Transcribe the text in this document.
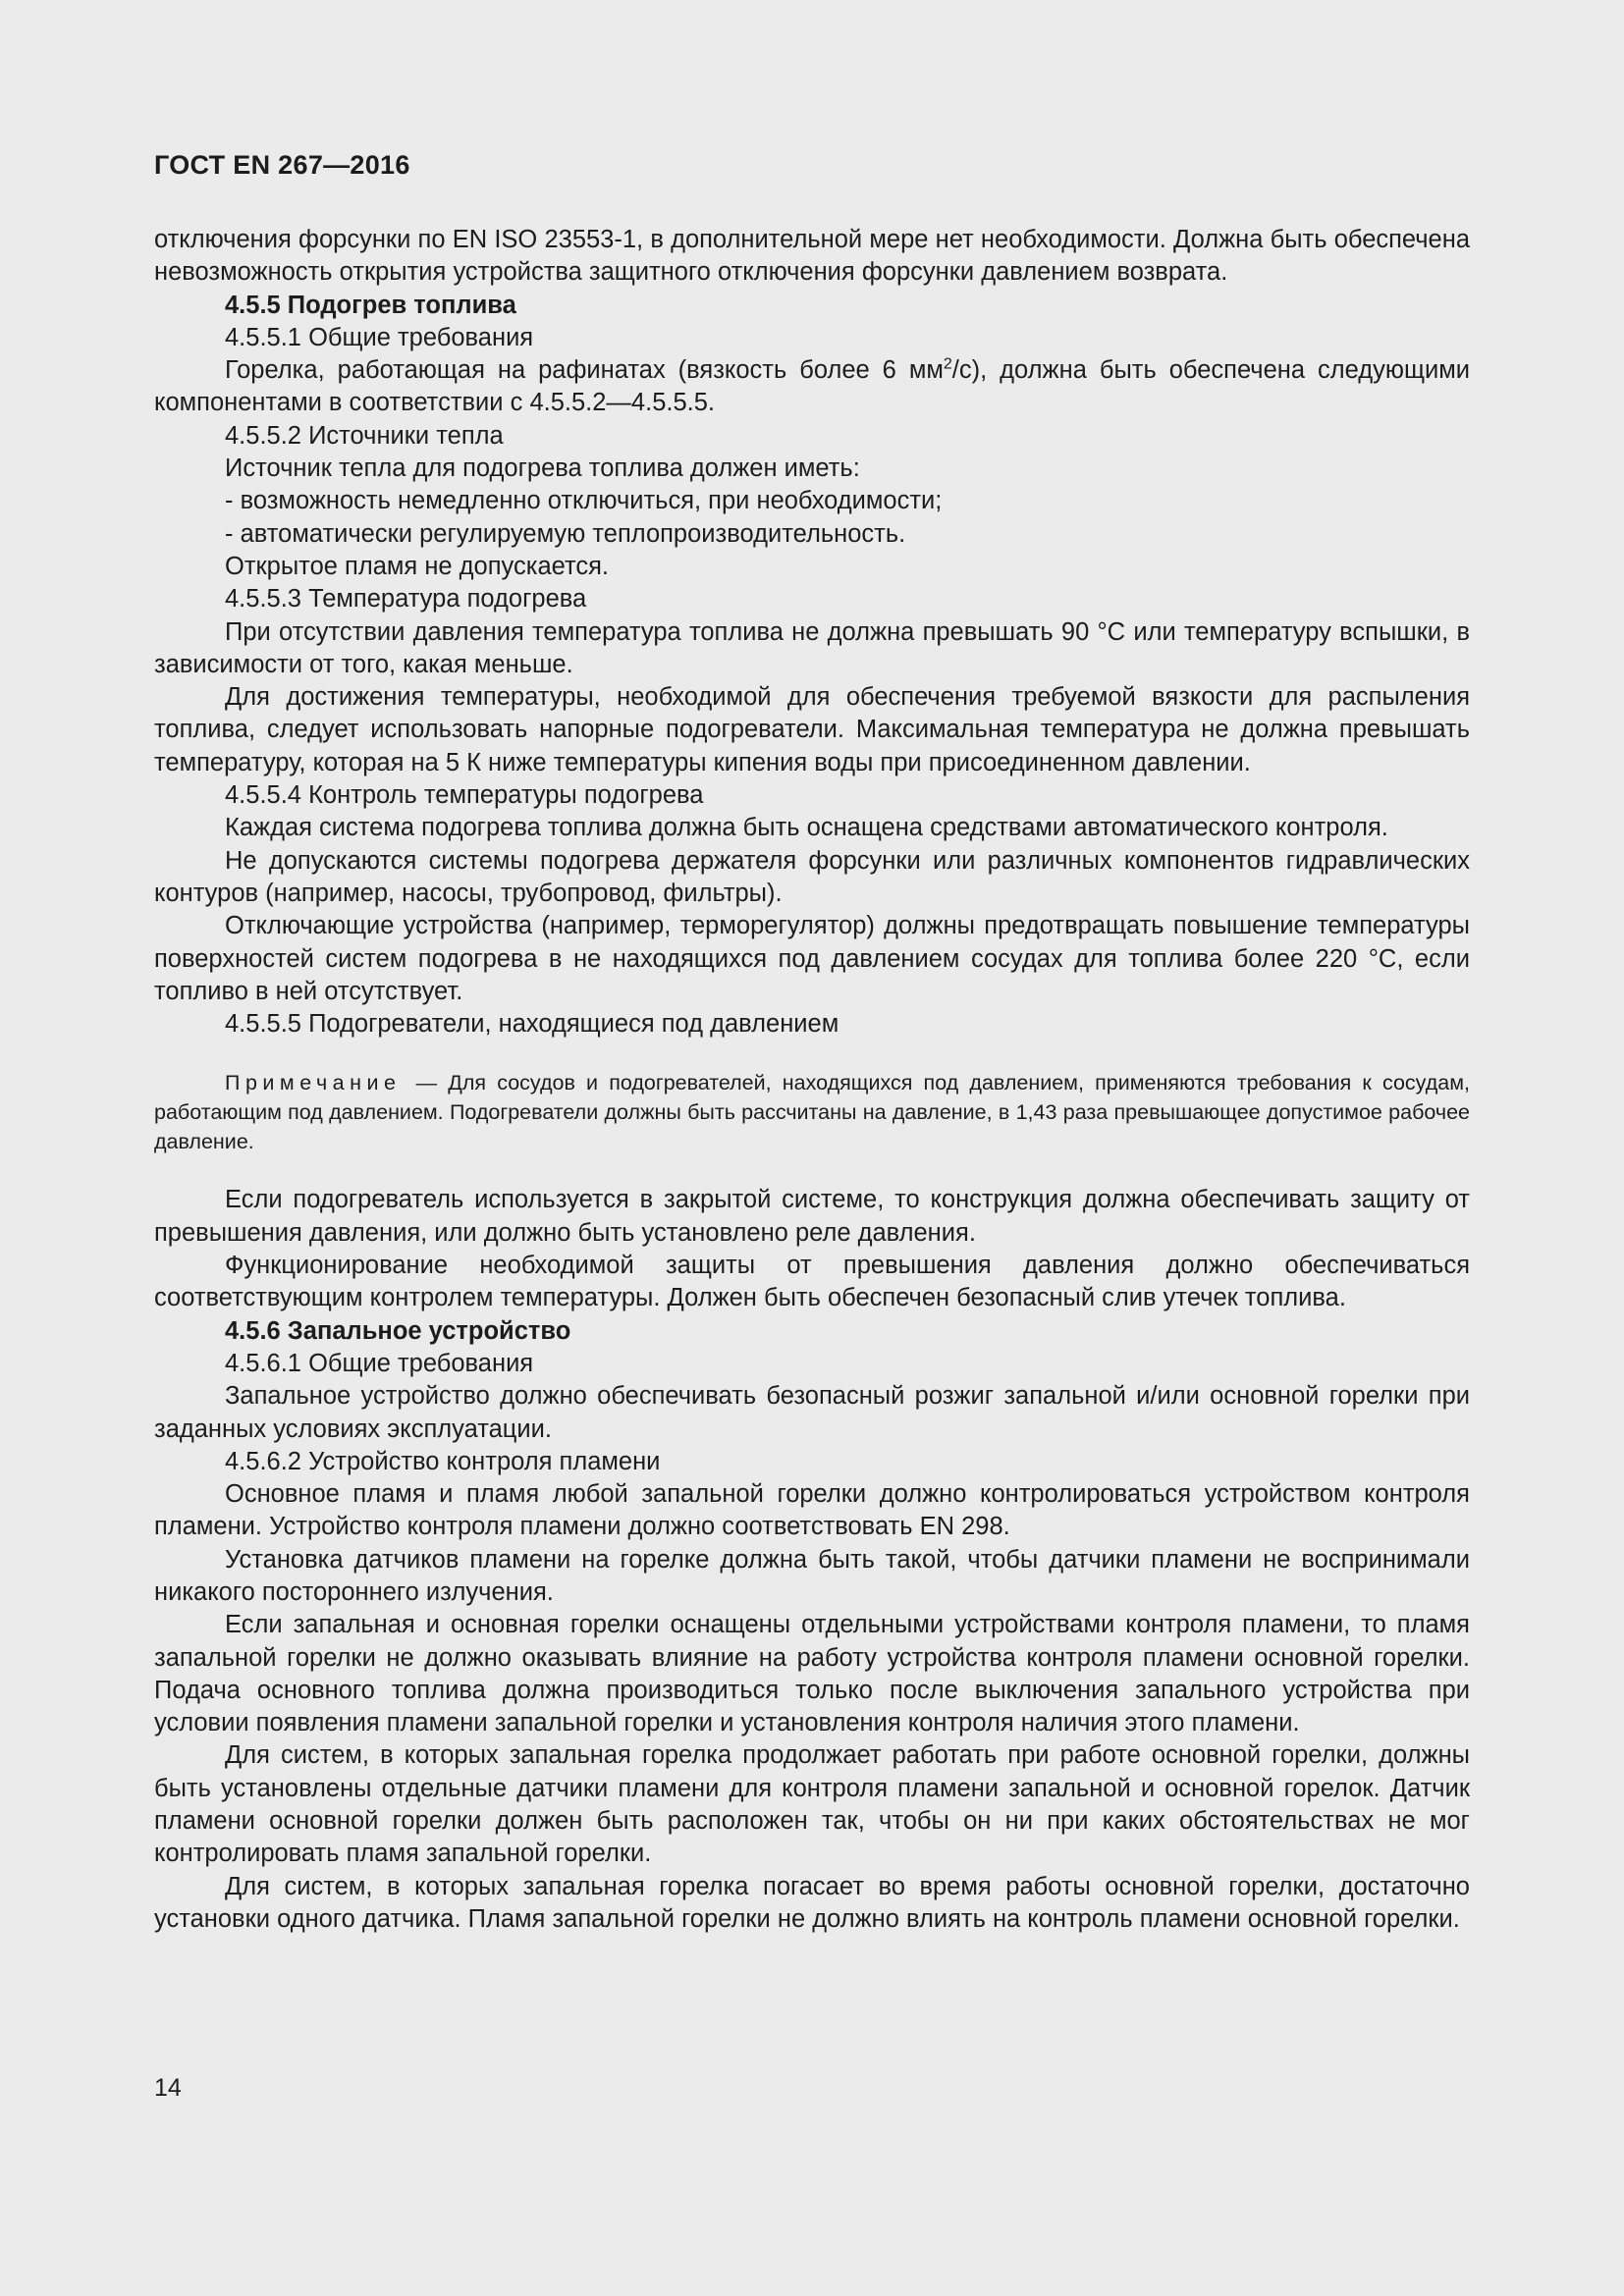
ГОСТ EN 267—2016

отключения форсунки по EN ISO 23553-1, в дополнительной мере нет необходимости. Должна быть обеспечена невозможность открытия устройства защитного отключения форсунки давлением возврата.

4.5.5 Подогрев топлива

4.5.5.1 Общие требования

Горелка, работающая на рафинатах (вязкость более 6 $мм^2/с$), должна быть обеспечена следующими компонентами в соответствии с 4.5.5.2—4.5.5.5.

4.5.5.2 Источники тепла

Источник тепла для подогрева топлива должен иметь:

- возможность немедленно отключиться, при необходимости;

- автоматически регулируемую теплопроизводительность.

Открытое пламя не допускается.

4.5.5.3 Температура подогрева

При отсутствии давления температура топлива не должна превышать 90 °С или температуру вспышки, в зависимости от того, какая меньше.

Для достижения температуры, необходимой для обеспечения требуемой вязкости для распыления топлива, следует использовать напорные подогреватели. Максимальная температура не должна превышать температуру, которая на 5 К ниже температуры кипения воды при присоединенном давлении.

4.5.5.4 Контроль температуры подогрева

Каждая система подогрева топлива должна быть оснащена средствами автоматического контроля.

Не допускаются системы подогрева держателя форсунки или различных компонентов гидравлических контуров (например, насосы, трубопровод, фильтры).

Отключающие устройства (например, терморегулятор) должны предотвращать повышение температуры поверхностей систем подогрева в не находящихся под давлением сосудах для топлива более 220 °С, если топливо в ней отсутствует.

4.5.5.5 Подогреватели, находящиеся под давлением

Примечание — Для сосудов и подогревателей, находящихся под давлением, применяются требования к сосудам, работающим под давлением. Подогреватели должны быть рассчитаны на давление, в 1,43 раза превышающее допустимое рабочее давление.

Если подогреватель используется в закрытой системе, то конструкция должна обеспечивать защиту от превышения давления, или должно быть установлено реле давления.

Функционирование необходимой защиты от превышения давления должно обеспечиваться соответствующим контролем температуры. Должен быть обеспечен безопасный слив утечек топлива.

4.5.6 Запальное устройство

4.5.6.1 Общие требования

Запальное устройство должно обеспечивать безопасный розжиг запальной и/или основной горелки при заданных условиях эксплуатации.

4.5.6.2 Устройство контроля пламени

Основное пламя и пламя любой запальной горелки должно контролироваться устройством контроля пламени. Устройство контроля пламени должно соответствовать EN 298.

Установка датчиков пламени на горелке должна быть такой, чтобы датчики пламени не воспринимали никакого постороннего излучения.

Если запальная и основная горелки оснащены отдельными устройствами контроля пламени, то пламя запальной горелки не должно оказывать влияние на работу устройства контроля пламени основной горелки. Подача основного топлива должна производиться только после выключения запального устройства при условии появления пламени запальной горелки и установления контроля наличия этого пламени.

Для систем, в которых запальная горелка продолжает работать при работе основной горелки, должны быть установлены отдельные датчики пламени для контроля пламени запальной и основной горелок. Датчик пламени основной горелки должен быть расположен так, чтобы он ни при каких обстоятельствах не мог контролировать пламя запальной горелки.

Для систем, в которых запальная горелка погасает во время работы основной горелки, достаточно установки одного датчика. Пламя запальной горелки не должно влиять на контроль пламени основной горелки.

14
